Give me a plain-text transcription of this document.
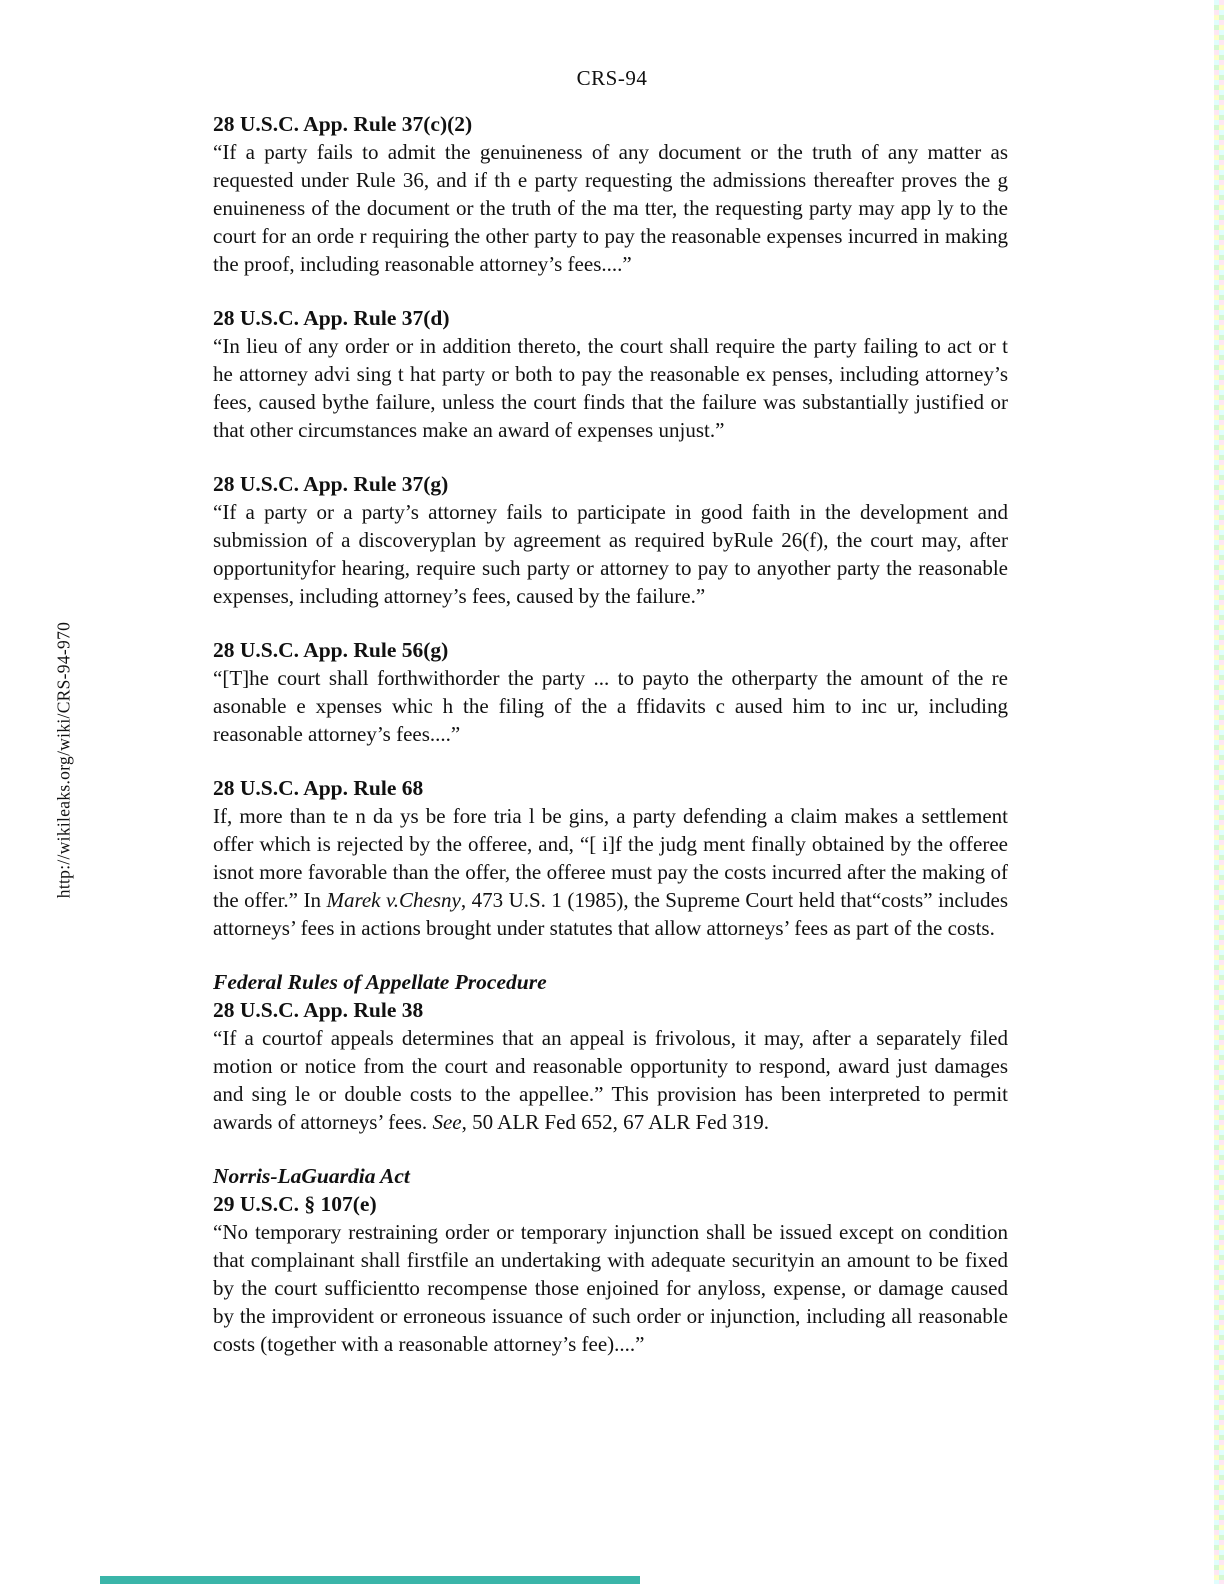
CRS-94
http://wikileaks.org/wiki/CRS-94-970
28 U.S.C. App. Rule 37(c)(2)

“If a party fails to admit the genuineness of any document or the truth of any matter as requested under Rule 36, and if th e party requesting the admissions thereafter proves the g enuineness of the document or the truth of the ma tter, the requesting party may app ly to the court for an orde r requiring the other party to pay the reasonable expenses incurred in making the proof, including reasonable attorney’s fees....”

28 U.S.C. App. Rule 37(d)

“In lieu of any order or in addition thereto, the court shall require the party failing to act or t he attorney advi sing t hat party or both to pay the reasonable ex penses, including attorney’s fees, caused bythe failure, unless the court finds that the failure was substantially justified or that other circumstances make an award of expenses unjust.”

28 U.S.C. App. Rule 37(g)

“If a party or a party’s attorney fails to participate in good faith in the development and submission of a discoveryplan by agreement as required byRule 26(f), the court may, after opportunityfor hearing, require such party or attorney to pay to anyother party the reasonable expenses, including attorney’s fees, caused by the failure.”

28 U.S.C. App. Rule 56(g)

“[T]he court shall forthwithorder the party ... to payto the otherparty the amount of the re asonable e xpenses whic h the filing of the a ffidavits c aused him to inc ur, including reasonable attorney’s fees....”

28 U.S.C. App. Rule 68

If, more than te n da ys be fore tria l be gins, a party defending a claim makes a settlement offer which is rejected by the offeree, and, “[ i]f the judg ment finally obtained by the offeree isnot more favorable than the offer, the offeree must pay the costs incurred after the making of the offer.” In Marek v.Chesny, 473 U.S. 1 (1985), the Supreme Court held that“costs” includes attorneys’ fees in actions brought under statutes that allow attorneys’ fees as part of the costs.

Federal Rules of Appellate Procedure
28 U.S.C. App. Rule 38

“If a courtof appeals determines that an appeal is frivolous, it may, after a separately filed motion or notice from the court and reasonable opportunity to respond, award just damages and sing le or double costs to the appellee.” This provision has been interpreted to permit awards of attorneys’ fees. See, 50 ALR Fed 652, 67 ALR Fed 319.

Norris-LaGuardia Act
29 U.S.C. § 107(e)

“No temporary restraining order or temporary injunction shall be issued except on condition that complainant shall firstfile an undertaking with adequate securityin an amount to be fixed by the court sufficientto recompense those enjoined for anyloss, expense, or damage caused by the improvident or erroneous issuance of such order or injunction, including all reasonable costs (together with a reasonable attorney’s fee)....”
